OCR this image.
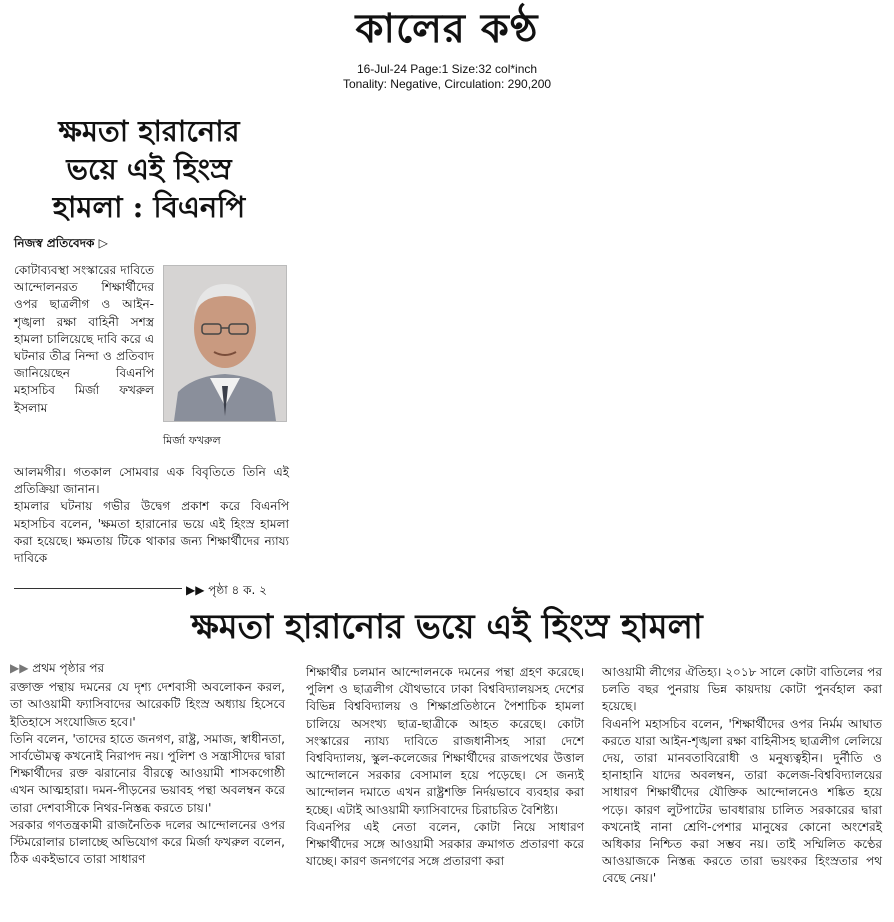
কালের কণ্ঠ
16-Jul-24 Page:1 Size:32 col*inch
Tonality: Negative, Circulation: 290,200
ক্ষমতা হারানোর
ভয়ে এই হিংস্র
হামলা : বিএনপি
নিজস্ব প্রতিবেদক ▷
কোটাব্যবস্থা সংস্কারের দাবিতে আন্দোলনরত শিক্ষার্থীদের ওপর ছাত্রলীগ ও আইন-শৃঙ্খলা রক্ষা বাহিনী সশস্ত্র হামলা চালিয়েছে দাবি করে এ ঘটনার তীব্র নিন্দা ও প্রতিবাদ জানিয়েছেন বিএনপি মহাসচিব মির্জা ফখরুল ইসলাম
মির্জা ফখরুল

আলমগীর। গতকাল সোমবার এক বিবৃতিতে তিনি এই প্রতিক্রিয়া জানান।

হামলার ঘটনায় গভীর উদ্বেগ প্রকাশ করে বিএনপি মহাসচিব বলেন, 'ক্ষমতা হারানোর ভয়ে এই হিংস্র হামলা করা হয়েছে। ক্ষমতায় টিকে থাকার জন্য শিক্ষার্থীদের ন্যায্য দাবিকে

▶▶ পৃষ্ঠা ৪ ক. ২
ক্ষমতা হারানোর ভয়ে এই হিংস্র হামলা
▶▶ প্রথম পৃষ্ঠার পর

রক্তাক্ত পন্থায় দমনের যে দৃশ্য দেশবাসী অবলোকন করল, তা আওয়ামী ফ্যাসিবাদের আরেকটি হিংস্র অধ্যায় হিসেবে ইতিহাসে সংযোজিত হবে।'

তিনি বলেন, 'তাদের হাতে জনগণ, রাষ্ট্র, সমাজ, স্বাধীনতা, সার্বভৌমত্ব কখনোই নিরাপদ নয়। পুলিশ ও সন্ত্রাসীদের দ্বারা শিক্ষার্থীদের রক্ত ঝরানোর বীরত্বে আওয়ামী শাসকগোষ্ঠী এখন আত্মহারা। দমন-পীড়নের ভয়াবহ পন্থা অবলম্বন করে তারা দেশবাসীকে নিথর-নিস্তব্ধ করতে চায়।'

সরকার গণতন্ত্রকামী রাজনৈতিক দলের আন্দোলনের ওপর স্টিমরোলার চালাচ্ছে অভিযোগ করে মির্জা ফখরুল বলেন, ঠিক একইভাবে তারা সাধারণ

শিক্ষার্থীর চলমান আন্দোলনকে দমনের পন্থা গ্রহণ করেছে। পুলিশ ও ছাত্রলীগ যৌথভাবে ঢাকা বিশ্ববিদ্যালয়সহ দেশের বিভিন্ন বিশ্ববিদ্যালয় ও শিক্ষাপ্রতিষ্ঠানে পৈশাচিক হামলা চালিয়ে অসংখ্য ছাত্র-ছাত্রীকে আহত করেছে। কোটা সংস্কারের ন্যায্য দাবিতে রাজধানীসহ সারা দেশে বিশ্ববিদ্যালয়, স্কুল-কলেজের শিক্ষার্থীদের রাজপথের উত্তাল আন্দোলনে সরকার বেসামাল হয়ে পড়েছে। সে জন্যই আন্দোলন দমাতে এখন রাষ্ট্রশক্তি নির্দয়ভাবে ব্যবহার করা হচ্ছে। এটাই আওয়ামী ফ্যাসিবাদের চিরাচরিত বৈশিষ্ট্য।

বিএনপির এই নেতা বলেন, কোটা নিয়ে সাধারণ শিক্ষার্থীদের সঙ্গে আওয়ামী সরকার ক্রমাগত প্রতারণা করে যাচ্ছে। কারণ জনগণের সঙ্গে প্রতারণা করা

আওয়ামী লীগের ঐতিহ্য। ২০১৮ সালে কোটা বাতিলের পর চলতি বছর পুনরায় ভিন্ন কায়দায় কোটা পুনর্বহাল করা হয়েছে।

বিএনপি মহাসচিব বলেন, 'শিক্ষার্থীদের ওপর নির্মম আঘাত করতে যারা আইন-শৃঙ্খলা রক্ষা বাহিনীসহ ছাত্রলীগ লেলিয়ে দেয়, তারা মানবতাবিরোধী ও মনুষ্যত্বহীন। দুর্নীতি ও হানাহানি যাদের অবলম্বন, তারা কলেজ-বিশ্ববিদ্যালয়ের সাধারণ শিক্ষার্থীদের যৌক্তিক আন্দোলনেও শঙ্কিত হয়ে পড়ে। কারণ লুটপাটের ভাবধারায় চালিত সরকারের দ্বারা কখনোই নানা শ্রেণি-পেশার মানুষের কোনো অংশেরই অধিকার নিশ্চিত করা সম্ভব নয়। তাই সম্মিলিত কণ্ঠের আওয়াজকে নিস্তব্ধ করতে তারা ভয়ংকর হিংস্রতার পথ বেছে নেয়।'
